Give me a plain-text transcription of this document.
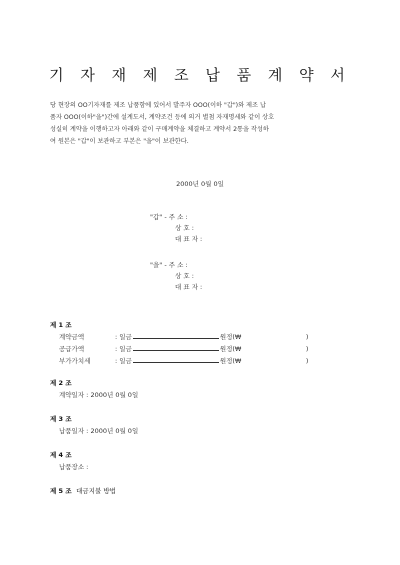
기 자 재 제 조 납 품 계 약 서
당 현장의 OO기자재를 제조 납품함에 있어서 발주자 OOO(이하 "갑")와 제조 납
품자 OOO(이하"을")간에 설계도서, 계약조건 등에 의거 별첨 자재명세와 같이 상호
성실히 계약을 이행하고자 아래와 같이 구매계약을 체결하고 계약서 2통을 작성하
여 원본은 "갑"이 보관하고 부본은 "을"이 보관한다.
2000년 0월 0일
"갑" - 주 소 :
상 호 :
대 표 자 :
"을" - 주 소 :
상 호 :
대 표 자 :
제 1 조
계약금액	: 일금	원정(₩	)
공급가액	: 일금	원정(₩	)
부가가치세	: 일금	원정(₩	)
제 2 조
계약일자 : 2000년 0월 0일
제 3 조
납품일자 : 2000년 0월 0일
제 4 조
납품장소 :
제 5 조 대금지불 방법
